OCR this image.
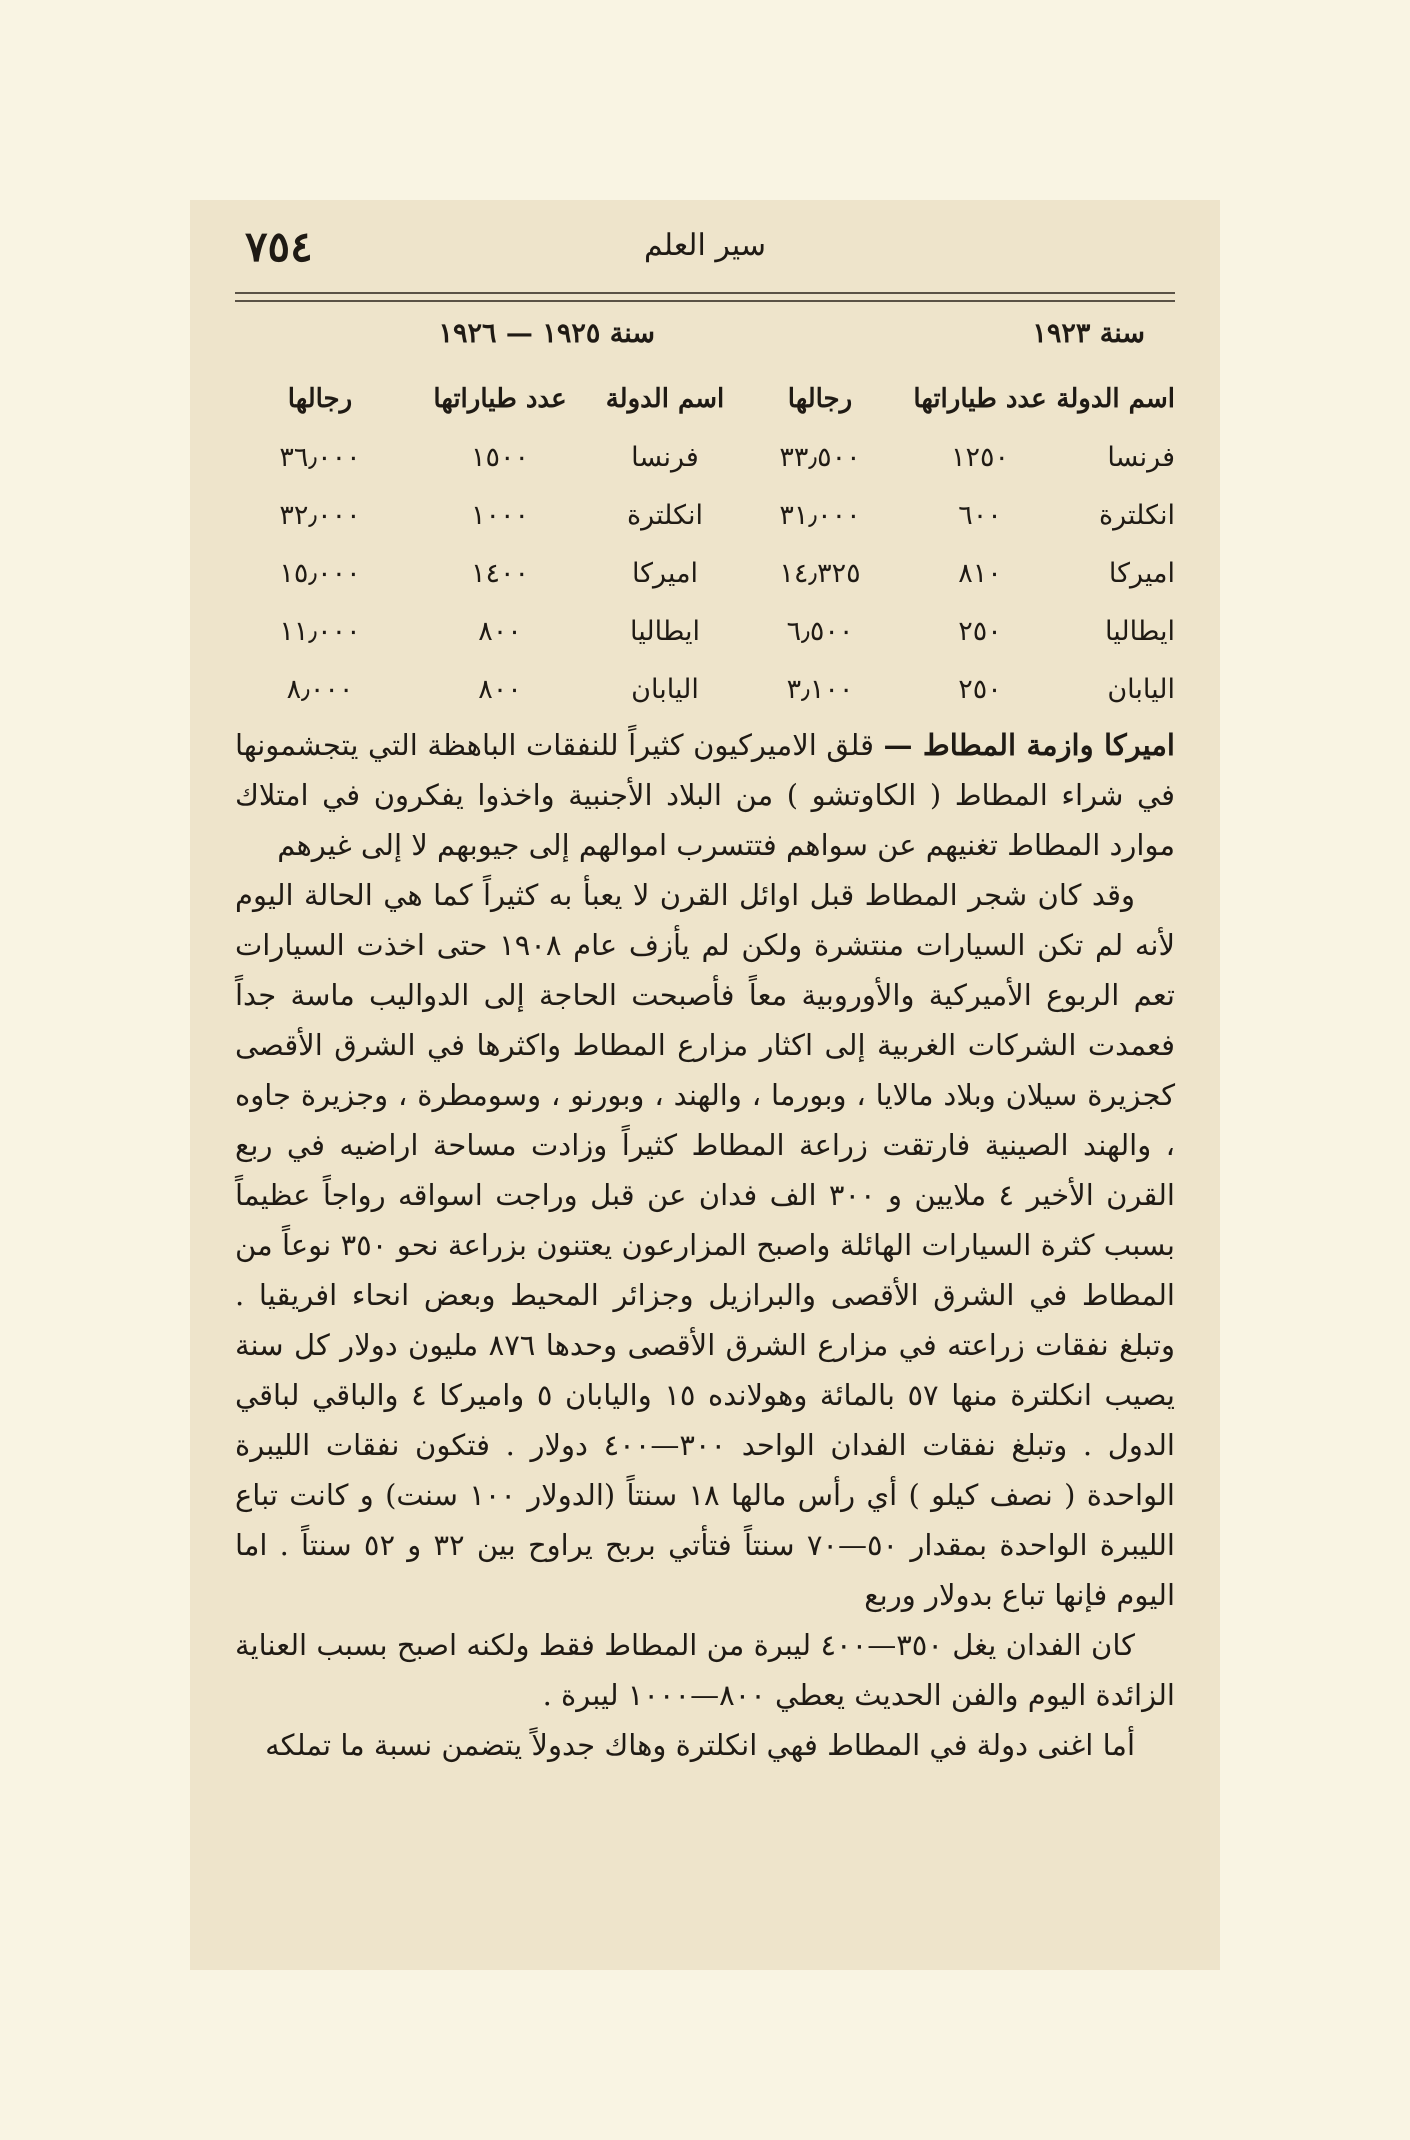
٧٥٤	سير العلم
سنة ١٩٢٣
سنة ١٩٢٥ — ١٩٢٦
اسم الدولة
عدد طياراتها
رجالها
اسم الدولة
عدد طياراتها
رجالها
فرنسا
١٢٥٠
٣٣٫٥٠٠
فرنسا
١٥٠٠
٣٦٫٠٠٠
انكلترة
٦٠٠
٣١٫٠٠٠
انكلترة
١٠٠٠
٣٢٫٠٠٠
اميركا
٨١٠
١٤٫٣٢٥
اميركا
١٤٠٠
١٥٫٠٠٠
ايطاليا
٢٥٠
٦٫٥٠٠
ايطاليا
٨٠٠
١١٫٠٠٠
اليابان
٢٥٠
٣٫١٠٠
اليابان
٨٠٠
٨٫٠٠٠

اميركا وازمة المطاط — قلق الاميركيون كثيراً للنفقات الباهظة التي يتجشمونها في شراء المطاط ( الكاوتشو ) من البلاد الأجنبية واخذوا يفكرون في امتلاك موارد المطاط تغنيهم عن سواهم فتتسرب اموالهم إلى جيوبهم لا إلى غيرهم

وقد كان شجر المطاط قبل اوائل القرن لا يعبأ به كثيراً كما هي الحالة اليوم لأنه لم تكن السيارات منتشرة ولكن لم يأزف عام ١٩٠٨ حتى اخذت السيارات تعم الربوع الأميركية والأوروبية معاً فأصبحت الحاجة إلى الدواليب ماسة جداً فعمدت الشركات الغربية إلى اكثار مزارع المطاط واكثرها في الشرق الأقصى كجزيرة سيلان وبلاد مالايا ، وبورما ، والهند ، وبورنو ، وسومطرة ، وجزيرة جاوه ، والهند الصينية فارتقت زراعة المطاط كثيراً وزادت مساحة اراضيه في ربع القرن الأخير ٤ ملايين و ٣٠٠ الف فدان عن قبل وراجت اسواقه رواجاً عظيماً بسبب كثرة السيارات الهائلة واصبح المزارعون يعتنون بزراعة نحو ٣٥٠ نوعاً من المطاط في الشرق الأقصى والبرازيل وجزائر المحيط وبعض انحاء افريقيا . وتبلغ نفقات زراعته في مزارع الشرق الأقصى وحدها ٨٧٦ مليون دولار كل سنة يصيب انكلترة منها ٥٧ بالمائة وهولانده ١٥ واليابان ٥ واميركا ٤ والباقي لباقي الدول . وتبلغ نفقات الفدان الواحد ٣٠٠—٤٠٠ دولار . فتكون نفقات الليبرة الواحدة ( نصف كيلو ) أي رأس مالها ١٨ سنتاً (الدولار ١٠٠ سنت) و كانت تباع الليبرة الواحدة بمقدار ٥٠—٧٠ سنتاً فتأتي بربح يراوح بين ٣٢ و ٥٢ سنتاً . اما اليوم فإنها تباع بدولار وربع

كان الفدان يغل ٣٥٠—٤٠٠ ليبرة من المطاط فقط ولكنه اصبح بسبب العناية الزائدة اليوم والفن الحديث يعطي ٨٠٠—١٠٠٠ ليبرة .

أما اغنى دولة في المطاط فهي انكلترة وهاك جدولاً يتضمن نسبة ما تملكه
